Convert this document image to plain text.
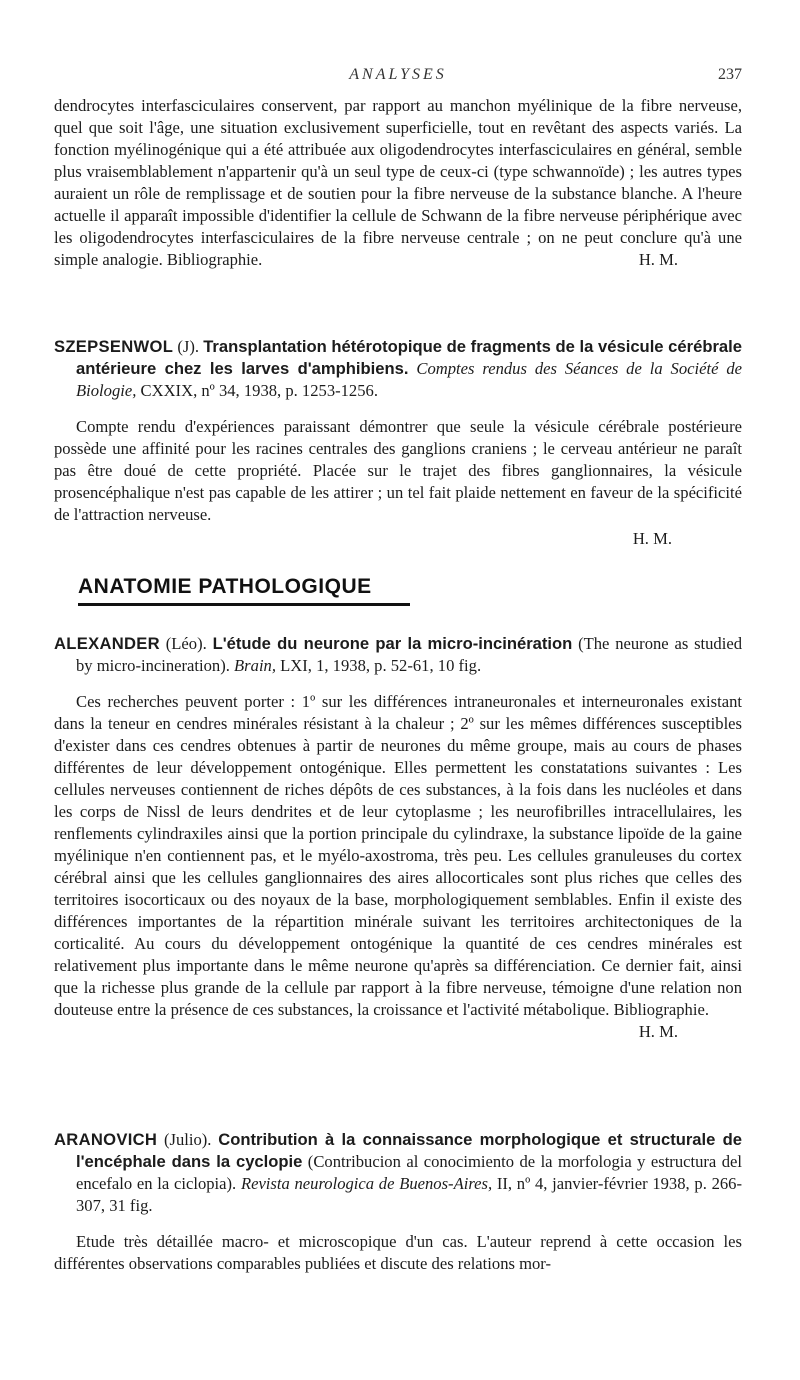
ANALYSES	237

dendrocytes interfasciculaires conservent, par rapport au manchon myélinique de la fibre nerveuse, quel que soit l'âge, une situation exclusivement superficielle, tout en revêtant des aspects variés. La fonction myélinogénique qui a été attribuée aux oligodendrocytes interfasciculaires en général, semble plus vraisemblablement n'appartenir qu'à un seul type de ceux-ci (type schwannoïde) ; les autres types auraient un rôle de remplissage et de soutien pour la fibre nerveuse de la substance blanche. A l'heure actuelle il apparaît impossible d'identifier la cellule de Schwann de la fibre nerveuse périphérique avec les oligodendrocytes interfasciculaires de la fibre nerveuse centrale ; on ne peut conclure qu'à une simple analogie. Bibliographie.	H. M.

SZEPSENWOL (J). Transplantation hétérotopique de fragments de la vésicule cérébrale antérieure chez les larves d'amphibiens. Comptes rendus des Séances de la Société de Biologie, CXXIX, nº 34, 1938, p. 1253-1256.

Compte rendu d'expériences paraissant démontrer que seule la vésicule cérébrale postérieure possède une affinité pour les racines centrales des ganglions craniens ; le cerveau antérieur ne paraît pas être doué de cette propriété. Placée sur le trajet des fibres ganglionnaires, la vésicule prosencéphalique n'est pas capable de les attirer ; un tel fait plaide nettement en faveur de la spécificité de l'attraction nerveuse.

H. M.
ANATOMIE PATHOLOGIQUE
ALEXANDER (Léo). L'étude du neurone par la micro-incinération (The neurone as studied by micro-incineration). Brain, LXI, 1, 1938, p. 52-61, 10 fig.

Ces recherches peuvent porter : 1º sur les différences intraneuronales et interneuronales existant dans la teneur en cendres minérales résistant à la chaleur ; 2º sur les mêmes différences susceptibles d'exister dans ces cendres obtenues à partir de neurones du même groupe, mais au cours de phases différentes de leur développement ontogénique. Elles permettent les constatations suivantes : Les cellules nerveuses contiennent de riches dépôts de ces substances, à la fois dans les nucléoles et dans les corps de Nissl de leurs dendrites et de leur cytoplasme ; les neurofibrilles intracellulaires, les renflements cylindraxiles ainsi que la portion principale du cylindraxe, la substance lipoïde de la gaine myélinique n'en contiennent pas, et le myélo-axostroma, très peu. Les cellules granuleuses du cortex cérébral ainsi que les cellules ganglionnaires des aires allocorticales sont plus riches que celles des territoires isocorticaux ou des noyaux de la base, morphologiquement semblables. Enfin il existe des différences importantes de la répartition minérale suivant les territoires architectoniques de la corticalité. Au cours du développement ontogénique la quantité de ces cendres minérales est relativement plus importante dans le même neurone qu'après sa différenciation. Ce dernier fait, ainsi que la richesse plus grande de la cellule par rapport à la fibre nerveuse, témoigne d'une relation non douteuse entre la présence de ces substances, la croissance et l'activité métabolique. Bibliographie.
H. M.

ARANOVICH (Julio). Contribution à la connaissance morphologique et structurale de l'encéphale dans la cyclopie (Contribucion al conocimiento de la morfologia y estructura del encefalo en la ciclopia). Revista neurologica de Buenos-Aires, II, nº 4, janvier-février 1938, p. 266-307, 31 fig.

Etude très détaillée macro- et microscopique d'un cas. L'auteur reprend à cette occasion les différentes observations comparables publiées et discute des relations mor-
